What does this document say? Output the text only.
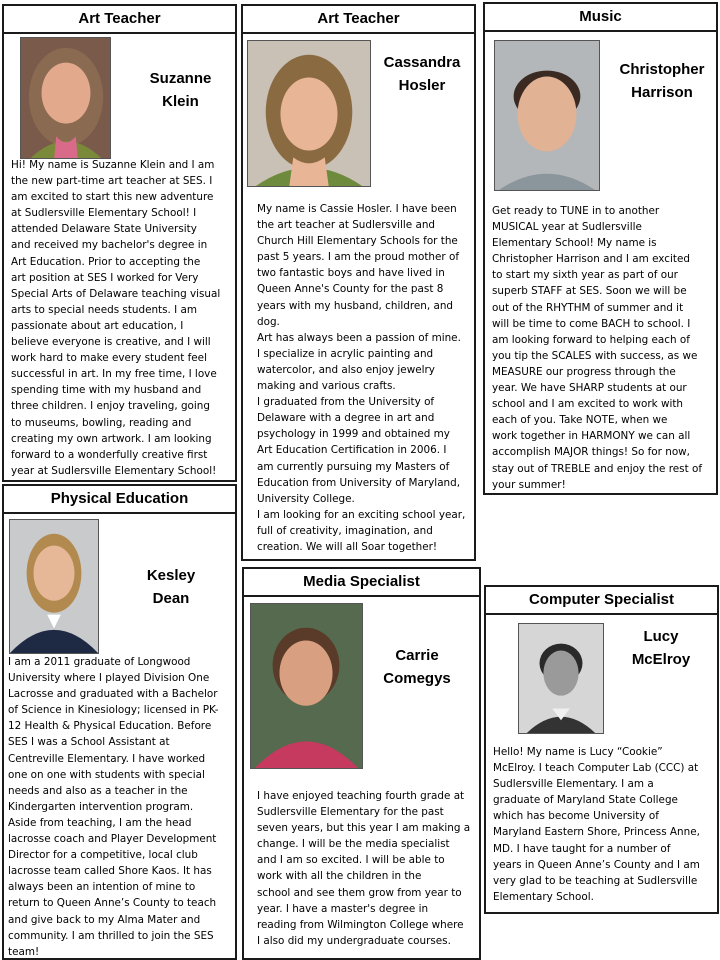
Art Teacher
Suzanne
Klein
Hi! My name is Suzanne Klein and I am
the new part-time art teacher at SES. I
am excited to start this new adventure
at Sudlersville Elementary School! I
attended Delaware State University
and received my bachelor's degree in
Art Education. Prior to accepting the
art position at SES I worked for Very
Special Arts of Delaware teaching visual
arts to special needs students. I am
passionate about art education, I
believe everyone is creative, and I will
work hard to make every student feel
successful in art. In my free time, I love
spending time with my husband and
three children. I enjoy traveling, going
to museums, bowling, reading and
creating my own artwork. I am looking
forward to a wonderfully creative first
year at Sudlersville Elementary School!
Art Teacher
Cassandra
Hosler
My name is Cassie Hosler. I have been
the art teacher at Sudlersville and
Church Hill Elementary Schools for the
past 5 years. I am the proud mother of
two fantastic boys and have lived in
Queen Anne's County for the past 8
years with my husband, children, and
dog.
Art has always been a passion of mine.
I specialize in acrylic painting and
watercolor, and also enjoy jewelry
making and various crafts.
I graduated from the University of
Delaware with a degree in art and
psychology in 1999 and obtained my
Art Education Certification in 2006. I
am currently pursuing my Masters of
Education from University of Maryland,
University College.
I am looking for an exciting school year,
full of creativity, imagination, and
creation. We will all Soar together!
Music
Christopher
Harrison
Get ready to TUNE in to another
MUSICAL year at Sudlersville
Elementary School! My name is
Christopher Harrison and I am excited
to start my sixth year as part of our
superb STAFF at SES. Soon we will be
out of the RHYTHM of summer and it
will be time to come BACH to school. I
am looking forward to helping each of
you tip the SCALES with success, as we
MEASURE our progress through the
year. We have SHARP students at our
school and I am excited to work with
each of you. Take NOTE, when we
work together in HARMONY we can all
accomplish MAJOR things! So for now,
stay out of TREBLE and enjoy the rest of
your summer!
Physical Education
Kesley
Dean
I am a 2011 graduate of Longwood
University where I played Division One
Lacrosse and graduated with a Bachelor
of Science in Kinesiology; licensed in PK-
12 Health & Physical Education. Before
SES I was a School Assistant at
Centreville Elementary. I have worked
one on one with students with special
needs and also as a teacher in the
Kindergarten intervention program.
Aside from teaching, I am the head
lacrosse coach and Player Development
Director for a competitive, local club
lacrosse team called Shore Kaos. It has
always been an intention of mine to
return to Queen Anne’s County to teach
and give back to my Alma Mater and
community. I am thrilled to join the SES
team!
Media Specialist
Carrie
Comegys
I have enjoyed teaching fourth grade at
Sudlersville Elementary for the past
seven years, but this year I am making a
change. I will be the media specialist
and I am so excited. I will be able to
work with all the children in the
school and see them grow from year to
year. I have a master's degree in
reading from Wilmington College where
I also did my undergraduate courses.
Computer Specialist
Lucy
McElroy
Hello! My name is Lucy “Cookie”
McElroy. I teach Computer Lab (CCC) at
Sudlersville Elementary. I am a
graduate of Maryland State College
which has become University of
Maryland Eastern Shore, Princess Anne,
MD. I have taught for a number of
years in Queen Anne’s County and I am
very glad to be teaching at Sudlersville
Elementary School.
